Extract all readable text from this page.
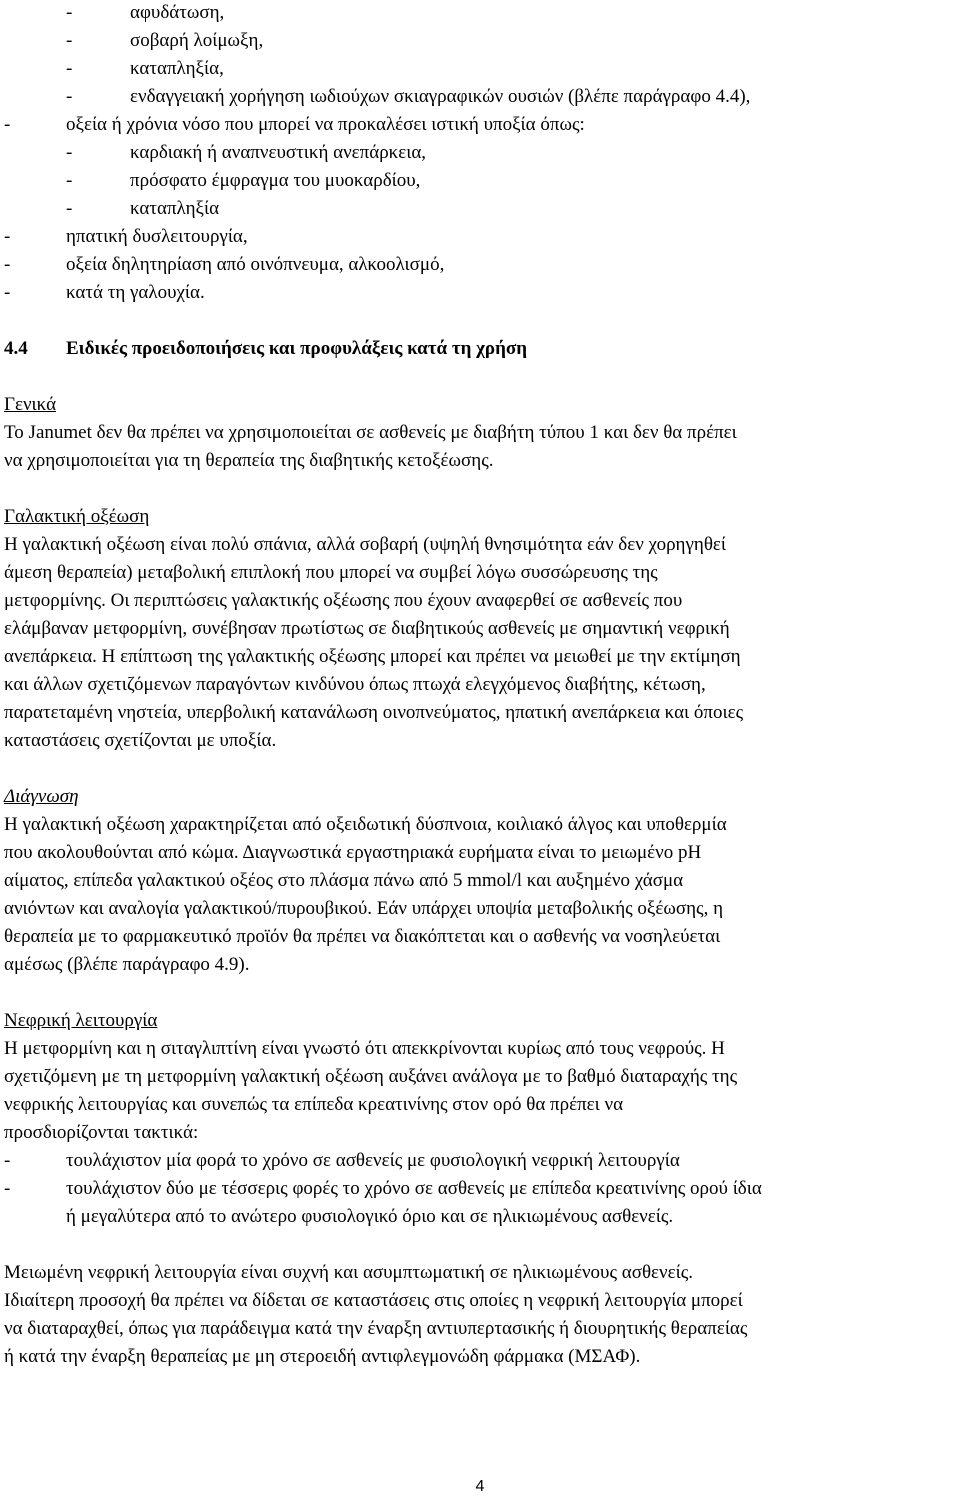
-	αφυδάτωση,
-	σοβαρή λοίμωξη,
-	καταπληξία,
-	ενδαγγειακή χορήγηση ιωδιούχων σκιαγραφικών ουσιών (βλέπε παράγραφο 4.4),
-	οξεία ή χρόνια νόσο που μπορεί να προκαλέσει ιστική υποξία όπως:
-	καρδιακή ή αναπνευστική ανεπάρκεια,
-	πρόσφατο έμφραγμα του μυοκαρδίου,
-	καταπληξία
-	ηπατική δυσλειτουργία,
-	οξεία δηλητηρίαση από οινόπνευμα, αλκοολισμό,
-	κατά τη γαλουχία.
4.4 Ειδικές προειδοποιήσεις και προφυλάξεις κατά τη χρήση
Γενικά
Το Janumet δεν θα πρέπει να χρησιμοποιείται σε ασθενείς με διαβήτη τύπου 1 και δεν θα πρέπει
να χρησιμοποιείται για τη θεραπεία της διαβητικής κετοξέωσης.
Γαλακτική οξέωση
Η γαλακτική οξέωση είναι πολύ σπάνια, αλλά σοβαρή (υψηλή θνησιμότητα εάν δεν χορηγηθεί
άμεση θεραπεία) μεταβολική επιπλοκή που μπορεί να συμβεί λόγω συσσώρευσης της
μετφορμίνης. Οι περιπτώσεις γαλακτικής οξέωσης που έχουν αναφερθεί σε ασθενείς που
ελάμβαναν μετφορμίνη, συνέβησαν πρωτίστως σε διαβητικούς ασθενείς με σημαντική νεφρική
ανεπάρκεια. Η επίπτωση της γαλακτικής οξέωσης μπορεί και πρέπει να μειωθεί με την εκτίμηση
και άλλων σχετιζόμενων παραγόντων κινδύνου όπως πτωχά ελεγχόμενος διαβήτης, κέτωση,
παρατεταμένη νηστεία, υπερβολική κατανάλωση οινοπνεύματος, ηπατική ανεπάρκεια και όποιες
καταστάσεις σχετίζονται με υποξία.
Διάγνωση
Η γαλακτική οξέωση χαρακτηρίζεται από οξειδωτική δύσπνοια, κοιλιακό άλγος και υποθερμία
που ακολουθούνται από κώμα. Διαγνωστικά εργαστηριακά ευρήματα είναι το μειωμένο pH
αίματος, επίπεδα γαλακτικού οξέος στο πλάσμα πάνω από 5 mmol/l και αυξημένο χάσμα
ανιόντων και αναλογία γαλακτικού/πυρουβικού. Εάν υπάρχει υποψία μεταβολικής οξέωσης, η
θεραπεία με το φαρμακευτικό προϊόν θα πρέπει να διακόπτεται και ο ασθενής να νοσηλεύεται
αμέσως (βλέπε παράγραφο 4.9).
Νεφρική λειτουργία
Η μετφορμίνη και η σιταγλιπτίνη είναι γνωστό ότι απεκκρίνονται κυρίως από τους νεφρούς. Η
σχετιζόμενη με τη μετφορμίνη γαλακτική οξέωση αυξάνει ανάλογα με το βαθμό διαταραχής της
νεφρικής λειτουργίας και συνεπώς τα επίπεδα κρεατινίνης στον ορό θα πρέπει να
προσδιορίζονται τακτικά:
-	τουλάχιστον μία φορά το χρόνο σε ασθενείς με φυσιολογική νεφρική λειτουργία
-	τουλάχιστον δύο με τέσσερις φορές το χρόνο σε ασθενείς με επίπεδα κρεατινίνης ορού ίδια
ή μεγαλύτερα από το ανώτερο φυσιολογικό όριο και σε ηλικιωμένους ασθενείς.
Μειωμένη νεφρική λειτουργία είναι συχνή και ασυμπτωματική σε ηλικιωμένους ασθενείς.
Ιδιαίτερη προσοχή θα πρέπει να δίδεται σε καταστάσεις στις οποίες η νεφρική λειτουργία μπορεί
να διαταραχθεί, όπως για παράδειγμα κατά την έναρξη αντιυπερτασικής ή διουρητικής θεραπείας
ή κατά την έναρξη θεραπείας με μη στεροειδή αντιφλεγμονώδη φάρμακα (ΜΣΑΦ).
4
